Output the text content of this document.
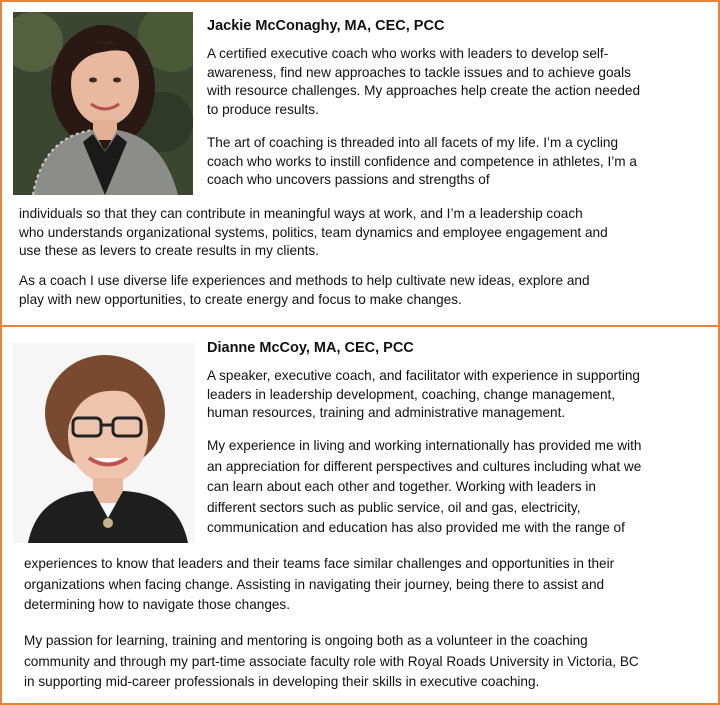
Jackie McConaghy, MA, CEC, PCC
A certified executive coach who works with leaders to develop self-
awareness, find new approaches to tackle issues and to achieve goals
with resource challenges. My approaches help create the action needed
to produce results.
The art of coaching is threaded into all facets of my life. I’m a cycling
coach who works to instill confidence and competence in athletes, I’m a
coach who uncovers passions and strengths of
individuals so that they can contribute in meaningful ways at work, and I’m a leadership coach
who understands organizational systems, politics, team dynamics and employee engagement and
use these as levers to create results in my clients.
As a coach I use diverse life experiences and methods to help cultivate new ideas, explore and
play with new opportunities, to create energy and focus to make changes.
Dianne McCoy, MA, CEC, PCC
A speaker, executive coach, and facilitator with experience in supporting
leaders in leadership development, coaching, change management,
human resources, training and administrative management.
My experience in living and working internationally has provided me with
an appreciation for different perspectives and cultures including what we
can learn about each other and together. Working with leaders in
different sectors such as public service, oil and gas, electricity,
communication and education has also provided me with the range of
experiences to know that leaders and their teams face similar challenges and opportunities in their
organizations when facing change. Assisting in navigating their journey, being there to assist and
determining how to navigate those changes.
My passion for learning, training and mentoring is ongoing both as a volunteer in the coaching
community and through my part-time associate faculty role with Royal Roads University in Victoria, BC
in supporting mid-career professionals in developing their skills in executive coaching.
